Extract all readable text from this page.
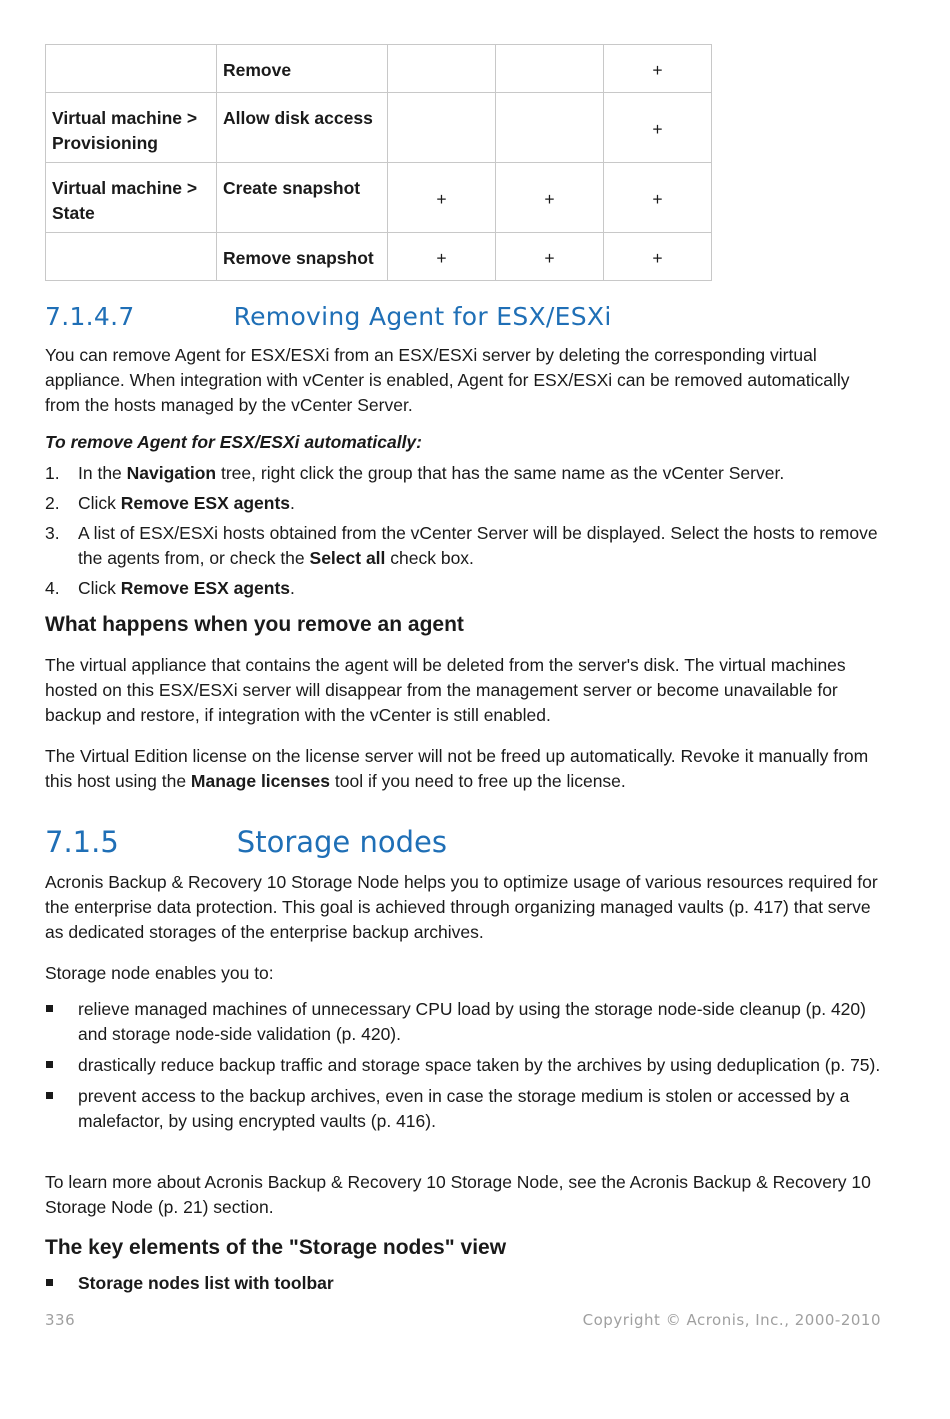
	Remove			+
Virtual machine > Provisioning	Allow disk access			+
Virtual machine > State	Create snapshot	+	+	+
	Remove snapshot	+	+	+
7.1.4.7	Removing Agent for ESX/ESXi

You can remove Agent for ESX/ESXi from an ESX/ESXi server by deleting the corresponding virtual appliance. When integration with vCenter is enabled, Agent for ESX/ESXi can be removed automatically from the hosts managed by the vCenter Server.

To remove Agent for ESX/ESXi automatically:

1. In the Navigation tree, right click the group that has the same name as the vCenter Server.
2. Click Remove ESX agents.
3. A list of ESX/ESXi hosts obtained from the vCenter Server will be displayed. Select the hosts to remove the agents from, or check the Select all check box.
4. Click Remove ESX agents.
What happens when you remove an agent

The virtual appliance that contains the agent will be deleted from the server's disk. The virtual machines hosted on this ESX/ESXi server will disappear from the management server or become unavailable for backup and restore, if integration with the vCenter is still enabled.

The Virtual Edition license on the license server will not be freed up automatically. Revoke it manually from this host using the Manage licenses tool if you need to free up the license.

7.1.5	Storage nodes

Acronis Backup & Recovery 10 Storage Node helps you to optimize usage of various resources required for the enterprise data protection. This goal is achieved through organizing managed vaults (p. 417) that serve as dedicated storages of the enterprise backup archives.

Storage node enables you to:

relieve managed machines of unnecessary CPU load by using the storage node-side cleanup (p. 420) and storage node-side validation (p. 420).
drastically reduce backup traffic and storage space taken by the archives by using deduplication (p. 75).
prevent access to the backup archives, even in case the storage medium is stolen or accessed by a malefactor, by using encrypted vaults (p. 416).

To learn more about Acronis Backup & Recovery 10 Storage Node, see the Acronis Backup & Recovery 10 Storage Node (p. 21) section.

The key elements of the "Storage nodes" view
Storage nodes list with toolbar
336	Copyright © Acronis, Inc., 2000-2010
